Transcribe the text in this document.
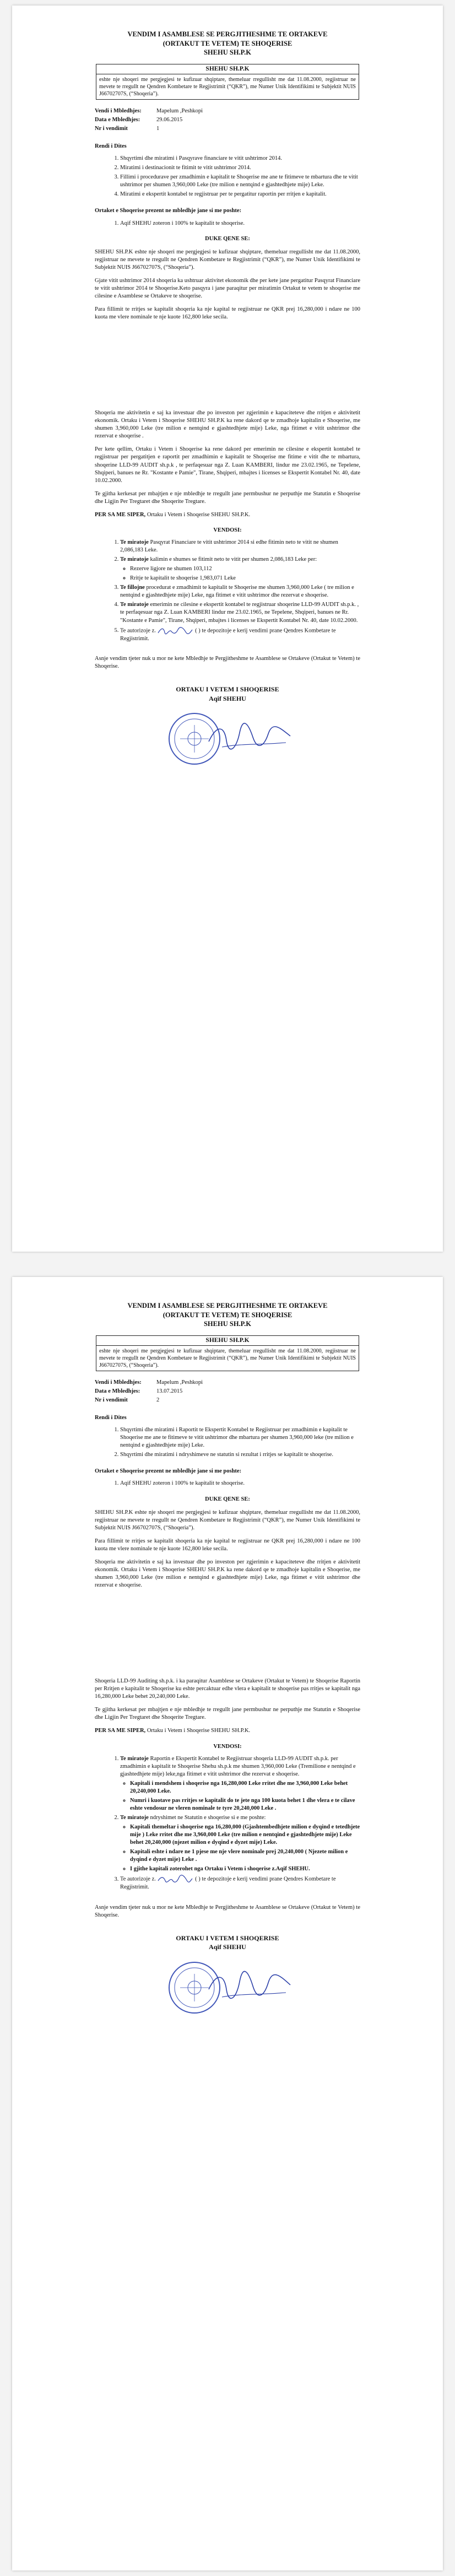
VENDIM I ASAMBLESE SE PERGJITHESHME TE ORTAKEVE
(ORTAKUT TE VETEM) TE SHOQERISE
SHEHU SH.P.K
SHEHU SH.P.K
eshte nje shoqeri me pergjegjesi te kufizuar shqiptare, themeluar rregullisht me dat 11.08.2000, regjistruar ne mevete te rregullt ne Qendren Kombetare te Regjistrimit (“QKR”), me Numer Unik Identifikimi te Subjektit NUIS J66702707S, (“Shoqeria”).
Vendi i Mbledhjes:	Mapelum ,Peshkopi
Data e Mbledhjes:	29.06.2015
Nr i vendimit	1
Rendi i Dites
1. Shqyrtimi dhe miratimi i Pasqyrave financiare te vitit ushtrimor 2014.
2. Miratimi i destinacionit te fitimit te vitit ushtrimor 2014.
3. Fillimi i procedurave per zmadhimin e kapitalit te Shoqerise me ane te fitimeve te mbartura dhe te vitit ushtrimor per shumen 3,960,000 Leke (tre milion e nentqind e gjashtedhjete mije) Leke.
4. Miratimi e ekspertit kontabel te regjistruar per te pergatitur raportin per rritjen e kapitalit.
Ortaket e Shoqerise prezent ne mbledhje jane si me poshte:
1. Aqif SHEHU zoteron i 100% te kapitalit te shoqerise.
DUKE QENE SE:

SHEHU SH.P.K eshte nje shoqeri me pergjegjesi te kufizuar shqiptare, themeluar rregullisht me dat 11.08.2000, regjistruar ne mevete te rregullt ne Qendren Kombetare te Regjistrimit (“QKR”), me Numer Unik Identifikimi te Subjektit NUIS J66702707S, (“Shoqeria”).

Gjate vitit ushtrimor 2014 shoqeria ka ushtruar aktivitet ekonomik dhe per kete jane pergatitur Pasqyrat Financiare te vitit ushtrimor 2014 te Shoqerise.Keto pasqyra i jane paraqitur per miratimin Ortakut te vetem te shoqerise me cilesine e Asamblese se Ortakeve te shoqerise.

Para fillimit te rritjes se kapitalit shoqeria ka nje kapital te regjistruar ne QKR prej 16,280,000 i ndare ne 100 kuota me vlere nominale te nje kuote 162,800 leke secila.

Shoqeria me aktivitetin e saj ka investuar dhe po investon per zgjerimin e kapaciteteve dhe rritjen e aktivitetit ekonomik. Ortaku i Vetem i Shoqerise SHEHU SH.P.K ka rene dakord qe te zmadhoje kapitalin e Shoqerise, me shumen 3,960,000 Leke (tre milion e nentqind e gjashtedhjete mije) Leke, nga fitimet e vitit ushtrimor dhe rezervat e shoqerise .

Per kete qellim, Ortaku i Vetem i Shoqerise ka rene dakord per emerimin ne cilesine e ekspertit kontabel te regjistruar per pergatitjen e raportit per zmadhimin e kapitalit te Shoqerise me fitime e vitit dhe te mbartura, shoqerine LLD-99 AUDIT sh.p.k , te perfaqesuar nga Z. Luan KAMBERI, lindur me 23.02.1965, ne Tepelene, Shqiperi, banues ne Rr. "Kostante e Pamie", Tirane, Shqiperi, mbajtes i licenses se Ekspertit Kontabel Nr. 40, date 10.02.2000.

Te gjitha kerkesat per mbajtjen e nje mbledhje te rregullt jane permbushur ne perputhje me Statutin e Shoqerise dhe Ligjin Per Tregtaret dhe Shoqerite Tregtare.

PER SA ME SIPER, Ortaku i Vetem i Shoqerise SHEHU SH.P.K.

VENDOSI:
1. Te miratoje Pasqyrat Financiare te vitit ushtrimor 2014 si edhe fitimin neto te vitit ne shumen 2,086,183 Leke.
2. Te miratoje kalimin e shumes se fitimit neto te vitit per shumen 2,086,183 Leke per:
◦ Rezerve ligjore ne shumen 103,112
◦ Rritje te kapitalit te shoqerise 1,983,071 Leke
3. Te fillojne procedurat e zmadhimit te kapitalit te Shoqerise me shumen 3,960,000 Leke ( tre milion e nentqind e gjashtedhjete mije) Leke, nga fitimet e vitit ushtrimor dhe rezervat e shoqerise.
4. Te miratoje emerimin ne cilesine e ekspertit kontabel te regjistruar shoqerine LLD-99 AUDIT sh.p.k. , te perfaqesuar nga Z. Luan KAMBERI lindur me 23.02.1965, ne Tepelene, Shqiperi, banues ne Rr. "Kostante e Pamie", Tirane, Shqiperi, mbajtes i licenses se Ekspertit Kontabel Nr. 40, date 10.02.2000.
5. Te autorizoje z.	( ) te depozitoje e kerij vendimi prane Qendres Kombetare te Regjistrimit.

Asnje vendim tjeter nuk u mor ne kete Mbledhje te Pergjitheshme te Asamblese se Ortakeve (Ortakut te Vetem) te Shoqerise.

ORTAKU I VETEM I SHOQERISE
Aqif SHEHU
VENDIM I ASAMBLESE SE PERGJITHESHME TE ORTAKEVE
(ORTAKUT TE VETEM) TE SHOQERISE
SHEHU SH.P.K
SHEHU SH.P.K
eshte nje shoqeri me pergjegjesi te kufizuar shqiptare, themeluar rregullisht me dat 11.08.2000, regjistruar ne mevete te rregullt ne Qendren Kombetare te Regjistrimit (“QKR”), me Numer Unik Identifikimi te Subjektit NUIS J66702707S, (“Shoqeria”).
Vendi i Mbledhjes:	Mapelum ,Peshkopi
Data e Mbledhjes:	13.07.2015
Nr i vendimit	2
Rendi i Dites
1. Shqyrtimi dhe miratimi i Raportit te Ekspertit Kontabel te Regjistruar per zmadhimin e kapitalit te Shoqerise me ane te fitimeve te vitit ushtrimor dhe mbartura per shumen 3,960,000 leke (tre milion e nentqind e gjashtedhjete mije) Leke.
2. Shqyrtimi dhe miratimi i ndryshimeve ne statutin si rezultat i rritjes se kapitalit te shoqerise.
Ortaket e Shoqerise prezent ne mbledhje jane si me poshte:
1. Aqif SHEHU zoteron i 100% te kapitalit te shoqerise.
DUKE QENE SE:

SHEHU SH.P.K eshte nje shoqeri me pergjegjesi te kufizuar shqiptare, themeluar rregullisht me dat 11.08.2000, regjistruar ne mevete te rregullt ne Qendren Kombetare te Regjistrimit (“QKR”), me Numer Unik Identifikimi te Subjektit NUIS J66702707S, (“Shoqeria”).

Para fillimit te rritjes se kapitalit shoqeria ka nje kapital te regjistruar ne QKR prej 16,280,000 i ndare ne 100 kuota me vlere nominale te nje kuote 162,800 leke secila.

Shoqeria me aktivitetin e saj ka investuar dhe po investon per zgjerimin e kapaciteteve dhe rritjen e aktivitetit ekonomik. Ortaku i Vetem i Shoqerise SHEHU SH.P.K ka rene dakord qe te zmadhoje kapitalin e Shoqerise, me shumen 3,960,000 Leke (tre milion e nentqind e gjashtedhjete mije) Leke, nga fitimet e vitit ushtrimor dhe rezervat e shoqerise.

Shoqeria LLD-99 Auditing sh.p.k. i ka paraqitur Asamblese se Ortakeve (Ortakut te Vetem) te Shoqerise Raportin per Rritjen e kapitalit te Shoqerise ku eshte percaktuar edhe vlera e kapitalit te shoqerise pas rritjes se kapitalit nga 16,280,000 Leke behet 20,240,000 Leke.

Te gjitha kerkesat per mbajtjen e nje mbledhje te rregullt jane permbushur ne perputhje me Statutin e Shoqerise dhe Ligjin Per Tregtaret dhe Shoqerite Tregtare.

PER SA ME SIPER, Ortaku i Vetem i Shoqerise SHEHU SH.P.K.

VENDOSI:
1. Te miratoje Raportin e Ekspertit Kontabel te Regjistruar shoqeria LLD-99 AUDIT sh.p.k. per zmadhimin e kapitalit te Shoqerise Shehu sh.p.k me shumen 3,960,000 Leke (Tremilione e nentqind e gjashtedhjete mije) leke,nga fitimet e vitit ushtrimor dhe rezervat e shoqerise.
◦ Kapitali i mendshem i shoqerise nga 16,280,000 Leke rritet dhe me 3,960,000 Leke behet 20,240,000 Leke.
◦ Numri i kuotave pas rritjes se kapitalit do te jete nga 100 kuota behet 1 dhe vlera e te cilave eshte vendosur ne vleren nominale te tyre 20,240,000 Leke .
2. Te miratoje ndryshimet ne Statutin e shoqerise si e me poshte:
◦ Kapitali themeltar i shoqerise nga 16,280,000 (Gjashtembedhjete milion e dyqind e tetedhjete mije ) Leke rritet dhe me 3,960,000 Leke (tre milion e nentqind e gjashtedhjete mije) Leke behet 20,240,000 (njezet milion e dyqind e dyzet mije) Leke.
◦ Kapitali eshte i ndare ne 1 pjese me nje vlere nominale prej 20,240,000 ( Njezete milion e dyqind e dyzet mije) Leke .
◦ I gjithe kapitali zoterohet nga Ortaku i Vetem i shoqerise z.Aqif SHEHU.
3. Te autorizoje z.	( ) te depozitoje e kerij vendimi prane Qendres Kombetare te Regjistrimit.

Asnje vendim tjeter nuk u mor ne kete Mbledhje te Pergjitheshme te Asamblese se Ortakeve (Ortakut te Vetem) te Shoqerise.

ORTAKU I VETEM I SHOQERISE
Aqif SHEHU
